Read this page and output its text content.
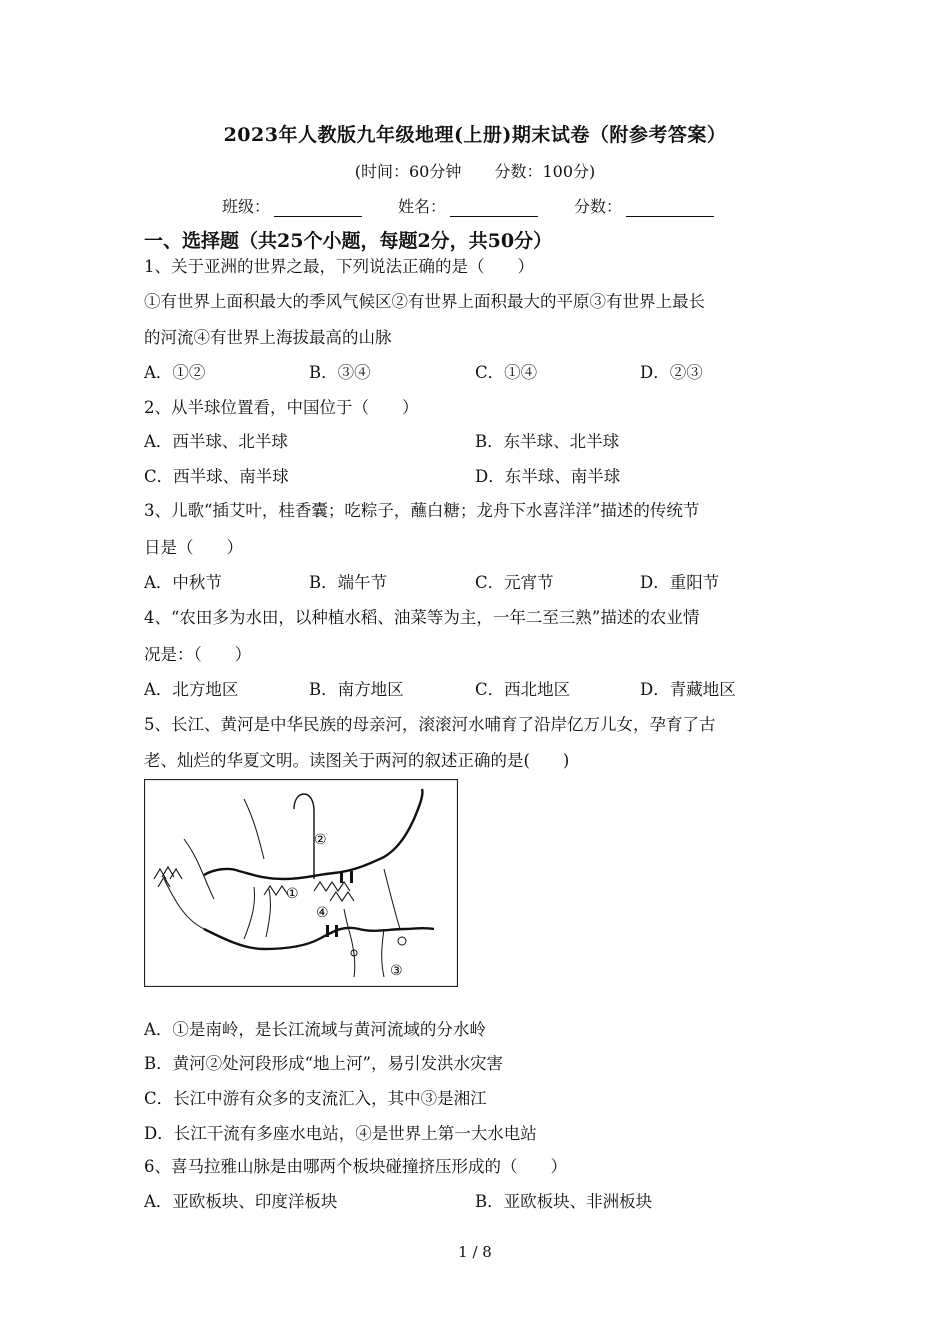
2023年人教版九年级地理(上册)期末试卷（附参考答案）
(时间：60分钟 分数：100分)
班级：	姓名：	分数：
一、选择题（共25个小题，每题2分，共50分）
1、关于亚洲的世界之最，下列说法正确的是（　　）
①有世界上面积最大的季风气候区②有世界上面积最大的平原③有世界上最长
的河流④有世界上海拔最高的山脉
A．①②	B．③④	C．①④	D．②③
2、从半球位置看，中国位于（　　）
A．西半球、北半球	B．东半球、北半球
C．西半球、南半球	D．东半球、南半球
3、儿歌“插艾叶，桂香囊；吃粽子，蘸白糖；龙舟下水喜洋洋”描述的传统节
日是（　　）
A．中秋节	B．端午节	C．元宵节	D．重阳节
4、“农田多为水田，以种植水稻、油菜等为主，一年二至三熟”描述的农业情
况是：（　　）
A．北方地区	B．南方地区	C．西北地区	D．青藏地区
5、长江、黄河是中华民族的母亲河，滚滚河水哺育了沿岸亿万儿女，孕育了古
老、灿烂的华夏文明。读图关于两河的叙述正确的是(　　)
②
①
④
③
A．①是南岭，是长江流域与黄河流域的分水岭
B．黄河②处河段形成“地上河”，易引发洪水灾害
C．长江中游有众多的支流汇入，其中③是湘江
D．长江干流有多座水电站，④是世界上第一大水电站
6、喜马拉雅山脉是由哪两个板块碰撞挤压形成的（　　）
A．亚欧板块、印度洋板块	B．亚欧板块、非洲板块
1 / 8
